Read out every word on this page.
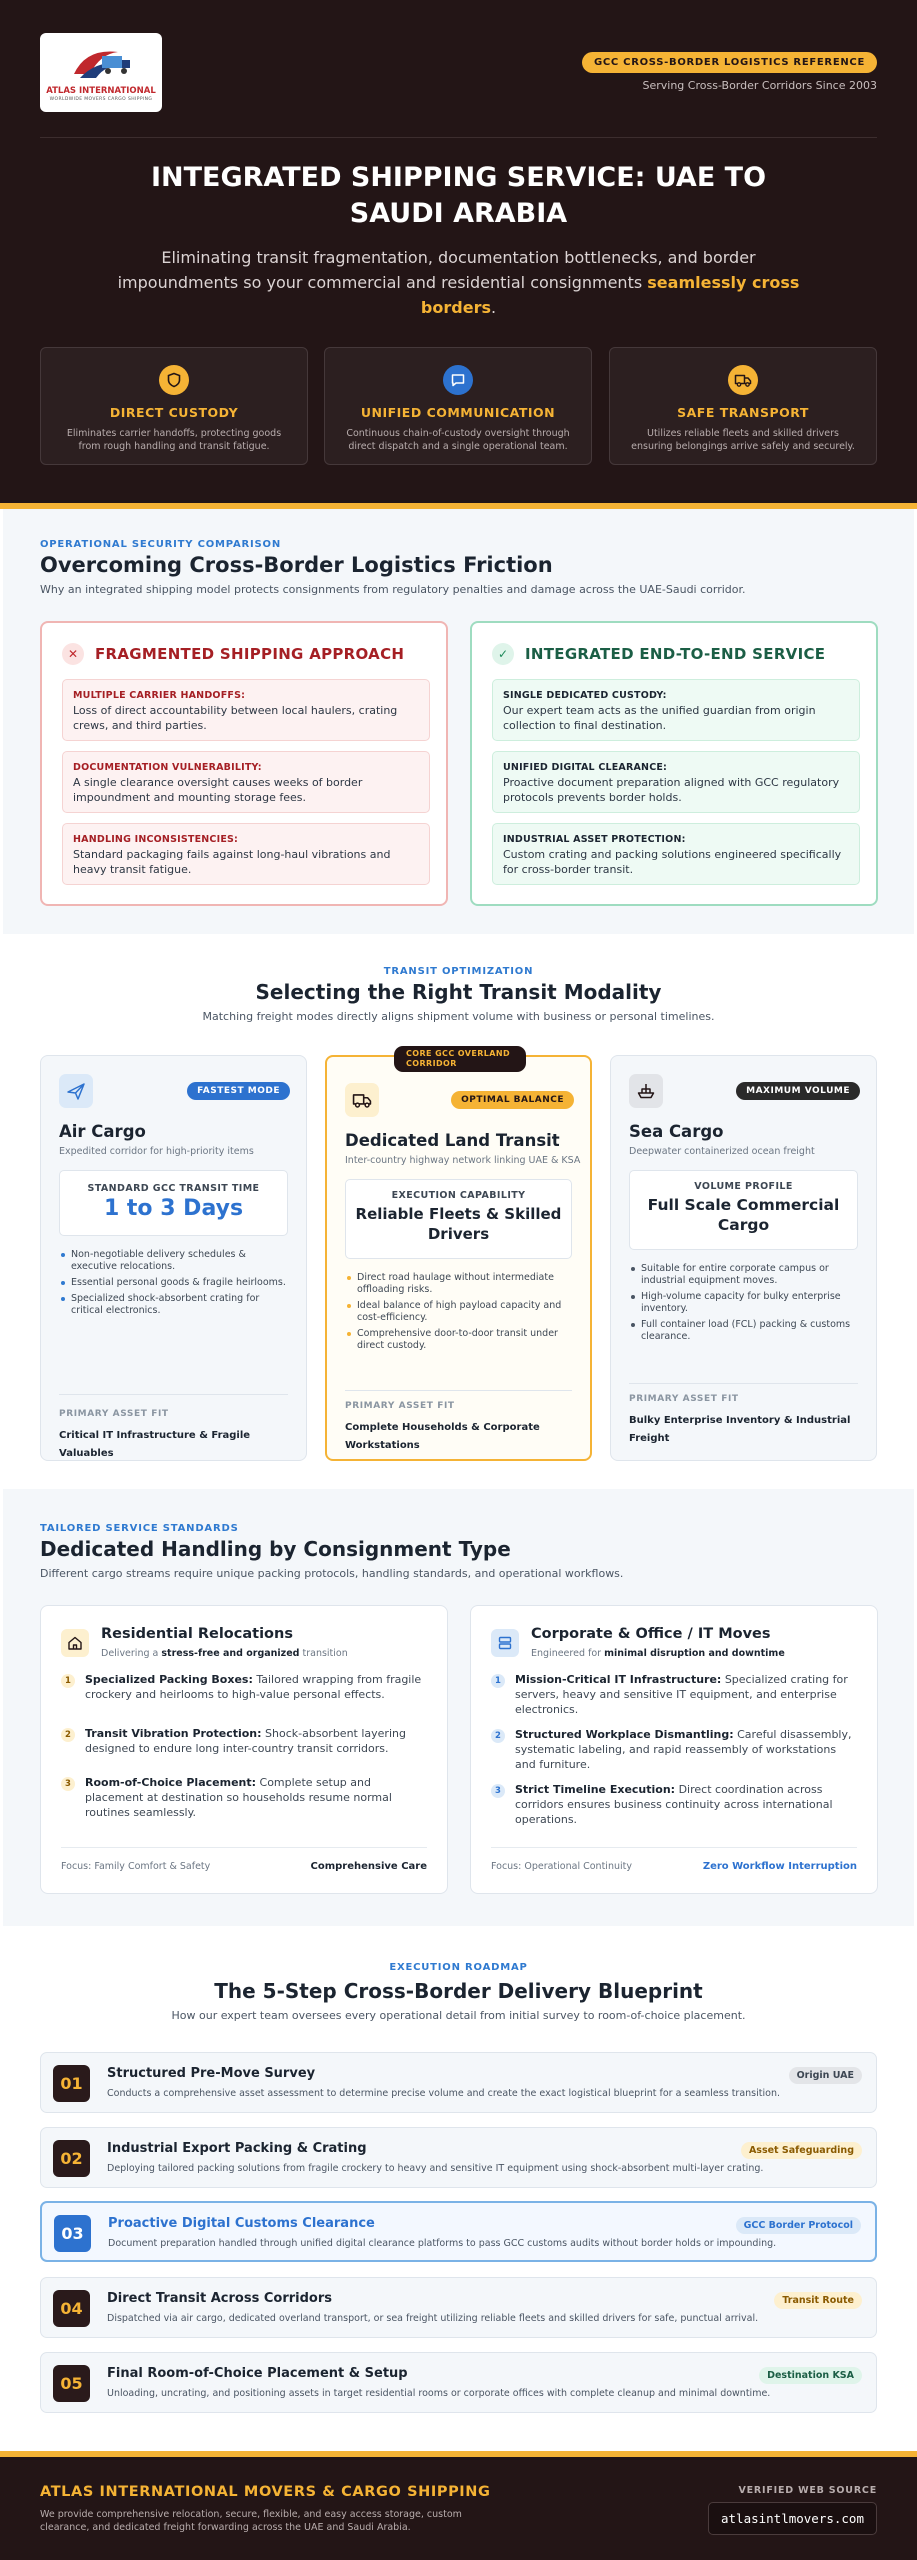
ATLAS INTERNATIONAL
WORLDWIDE MOVERS CARGO SHIPPING
GCC CROSS-BORDER LOGISTICS REFERENCE
Serving Cross-Border Corridors Since 2003
INTEGRATED SHIPPING SERVICE: UAE TO SAUDI ARABIA

Eliminating transit fragmentation, documentation bottlenecks, and border impoundments so your commercial and residential consignments seamlessly cross borders.

DIRECT CUSTODY
Eliminates carrier handoffs, protecting goods from rough handling and transit fatigue.
UNIFIED COMMUNICATION
Continuous chain-of-custody oversight through direct dispatch and a single operational team.
SAFE TRANSPORT
Utilizes reliable fleets and skilled drivers ensuring belongings arrive safely and securely.
OPERATIONAL SECURITY COMPARISON
Overcoming Cross-Border Logistics Friction

Why an integrated shipping model protects consignments from regulatory penalties and damage across the UAE-Saudi corridor.

✕	FRAGMENTED SHIPPING APPROACH
MULTIPLE CARRIER HANDOFFS:
Loss of direct accountability between local haulers, crating crews, and third parties.
DOCUMENTATION VULNERABILITY:
A single clearance oversight causes weeks of border impoundment and mounting storage fees.
HANDLING INCONSISTENCIES:
Standard packaging fails against long-haul vibrations and heavy transit fatigue.
✓	INTEGRATED END-TO-END SERVICE
SINGLE DEDICATED CUSTODY:
Our expert team acts as the unified guardian from origin collection to final destination.
UNIFIED DIGITAL CLEARANCE:
Proactive document preparation aligned with GCC regulatory protocols prevents border holds.
INDUSTRIAL ASSET PROTECTION:
Custom crating and packing solutions engineered specifically for cross-border transit.
TRANSIT OPTIMIZATION
Selecting the Right Transit Modality

Matching freight modes directly aligns shipment volume with business or personal timelines.

FASTEST MODE
Air Cargo
Expedited corridor for high-priority items
STANDARD GCC TRANSIT TIME
1 to 3 Days
Non-negotiable delivery schedules & executive relocations.
Essential personal goods & fragile heirlooms.
Specialized shock-absorbent crating for critical electronics.
PRIMARY ASSET FIT
Critical IT Infrastructure & Fragile Valuables
CORE GCC OVERLAND CORRIDOR
OPTIMAL BALANCE
Dedicated Land Transit
Inter-country highway network linking UAE & KSA
EXECUTION CAPABILITY
Reliable Fleets & Skilled Drivers
Direct road haulage without intermediate offloading risks.
Ideal balance of high payload capacity and cost-efficiency.
Comprehensive door-to-door transit under direct custody.
PRIMARY ASSET FIT
Complete Households & Corporate Workstations
MAXIMUM VOLUME
Sea Cargo
Deepwater containerized ocean freight
VOLUME PROFILE
Full Scale Commercial Cargo
Suitable for entire corporate campus or industrial equipment moves.
High-volume capacity for bulky enterprise inventory.
Full container load (FCL) packing & customs clearance.
PRIMARY ASSET FIT
Bulky Enterprise Inventory & Industrial Freight
TAILORED SERVICE STANDARDS
Dedicated Handling by Consignment Type

Different cargo streams require unique packing protocols, handling standards, and operational workflows.

Residential Relocations
Delivering a stress-free and organized transition
1	Specialized Packing Boxes: Tailored wrapping from fragile crockery and heirlooms to high-value personal effects.

2	Transit Vibration Protection: Shock-absorbent layering designed to endure long inter-country transit corridors.

3	Room-of-Choice Placement: Complete setup and placement at destination so households resume normal routines seamlessly.

Focus: Family Comfort & Safety	Comprehensive Care
Corporate & Office / IT Moves
Engineered for minimal disruption and downtime
1	Mission-Critical IT Infrastructure: Specialized crating for servers, heavy and sensitive IT equipment, and enterprise electronics.

2	Structured Workplace Dismantling: Careful disassembly, systematic labeling, and rapid reassembly of workstations and furniture.

3	Strict Timeline Execution: Direct coordination across corridors ensures business continuity across international operations.

Focus: Operational Continuity	Zero Workflow Interruption
EXECUTION ROADMAP
The 5-Step Cross-Border Delivery Blueprint

How our expert team oversees every operational detail from initial survey to room-of-choice placement.

01
Structured Pre-Move Survey
Conducts a comprehensive asset assessment to determine precise volume and create the exact logistical blueprint for a seamless transition.
Origin UAE
02
Industrial Export Packing & Crating
Deploying tailored packing solutions from fragile crockery to heavy and sensitive IT equipment using shock-absorbent multi-layer crating.
Asset Safeguarding
03
Proactive Digital Customs Clearance
Document preparation handled through unified digital clearance platforms to pass GCC customs audits without border holds or impounding.
GCC Border Protocol
04
Direct Transit Across Corridors
Dispatched via air cargo, dedicated overland transport, or sea freight utilizing reliable fleets and skilled drivers for safe, punctual arrival.
Transit Route
05
Final Room-of-Choice Placement & Setup
Unloading, uncrating, and positioning assets in target residential rooms or corporate offices with complete cleanup and minimal downtime.
Destination KSA
ATLAS INTERNATIONAL MOVERS & CARGO SHIPPING
We provide comprehensive relocation, secure, flexible, and easy access storage, custom clearance, and dedicated freight forwarding across the UAE and Saudi Arabia.
VERIFIED WEB SOURCE
atlasintlmovers.com
